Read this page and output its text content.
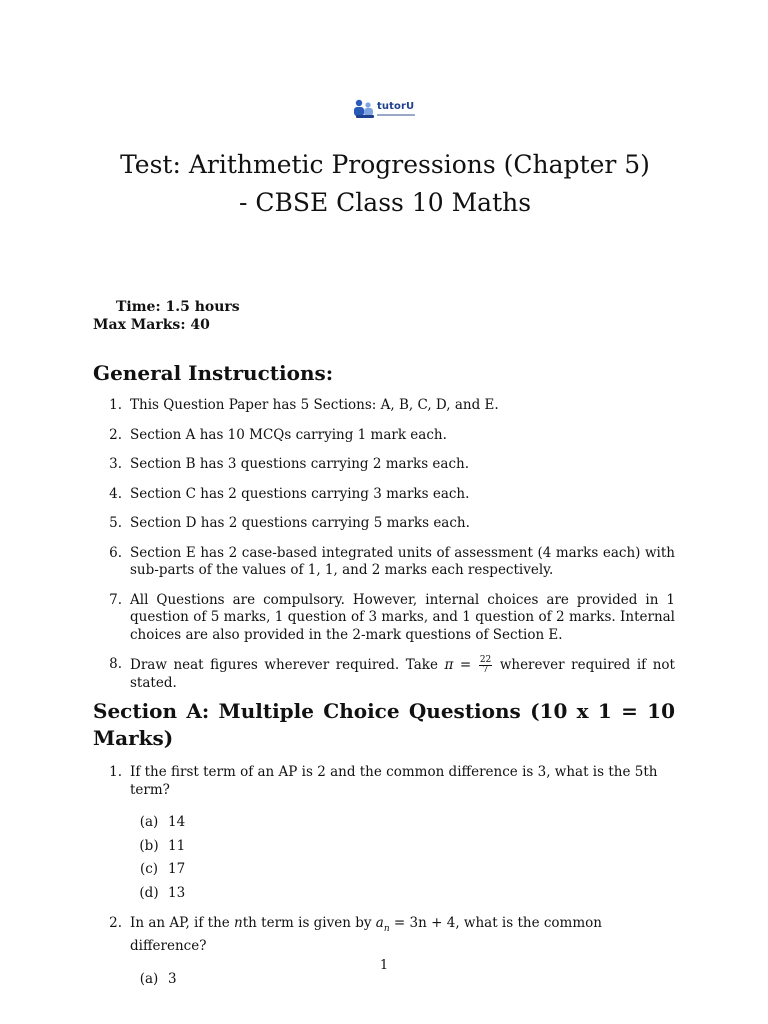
tutorU
Test: Arithmetic Progressions (Chapter 5)
- CBSE Class 10 Maths
Time: 1.5 hours
Max Marks: 40
General Instructions:
1. This Question Paper has 5 Sections: A, B, C, D, and E.
2. Section A has 10 MCQs carrying 1 mark each.
3. Section B has 3 questions carrying 2 marks each.
4. Section C has 2 questions carrying 3 marks each.
5. Section D has 2 questions carrying 5 marks each.
6. Section E has 2 case-based integrated units of assessment (4 marks each) with sub-parts of the values of 1, 1, and 2 marks each respectively.
7. All Questions are compulsory. However, internal choices are provided in 1 question of 5 marks, 1 question of 3 marks, and 1 question of 2 marks. Internal choices are also provided in the 2-mark questions of Section E.
8. Draw neat figures wherever required. Take $\pi = \frac{22}{7}$ wherever required if not stated.
Section A: Multiple Choice Questions (10 x 1 = 10 Marks)
1. If the first term of an AP is 2 and the common difference is 3, what is the 5th term?
(a) 14
(b) 11
(c) 17
(d) 13
2. In an AP, if the nth term is given by $a_n = 3n + 4$, what is the common difference?
(a) 3
1
